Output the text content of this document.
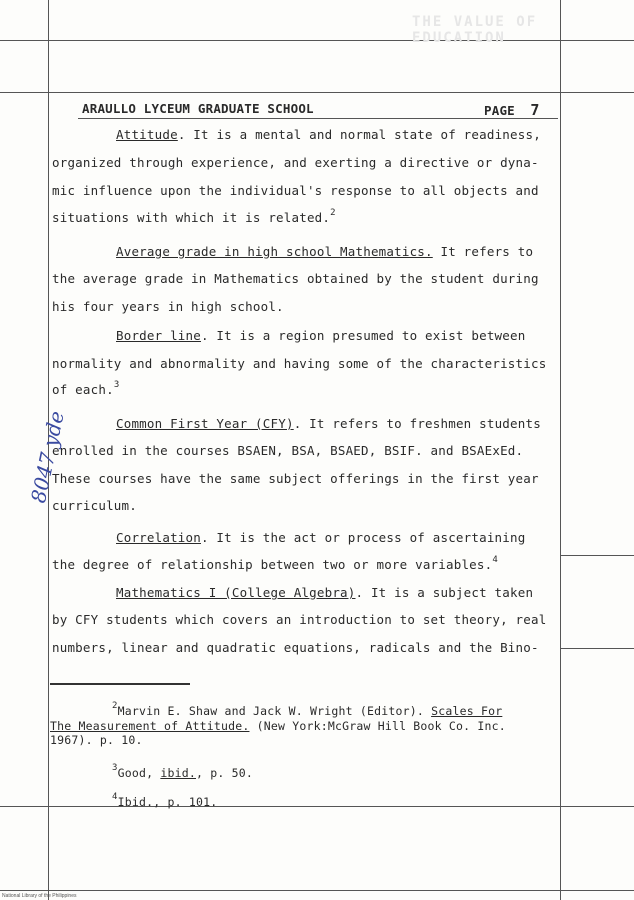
THE VALUE OF EDUCATION
ARAULLO LYCEUM GRADUATE SCHOOL	PAGE 7
Attitude. It is a mental and normal state of readiness,
organized through experience, and exerting a directive or dyna-
mic influence upon the individual's response to all objects and
situations with which it is related.$^2$
Average grade in high school Mathematics. It refers to
the average grade in Mathematics obtained by the student during
his four years in high school.
Border line. It is a region presumed to exist between
normality and abnormality and having some of the characteristics
of each.$^3$
Common First Year (CFY). It refers to freshmen students
enrolled in the courses BSAEN, BSA, BSAED, BSIF. and BSAExEd.
These courses have the same subject offerings in the first year
curriculum.
Correlation. It is the act or process of ascertaining
the degree of relationship between two or more variables.$^4$
Mathematics I (College Algebra). It is a subject taken
by CFY students which covers an introduction to set theory, real
numbers, linear and quadratic equations, radicals and the Bino-
8047 yde
$^2$Marvin E. Shaw and Jack W. Wright (Editor). Scales For
The Measurement of Attitude. (New York:McGraw Hill Book Co. Inc.
1967). p. 10.
$^3$Good, ibid., p. 50.
$^4$Ibid., p. 101.
National Library of the Philippines
